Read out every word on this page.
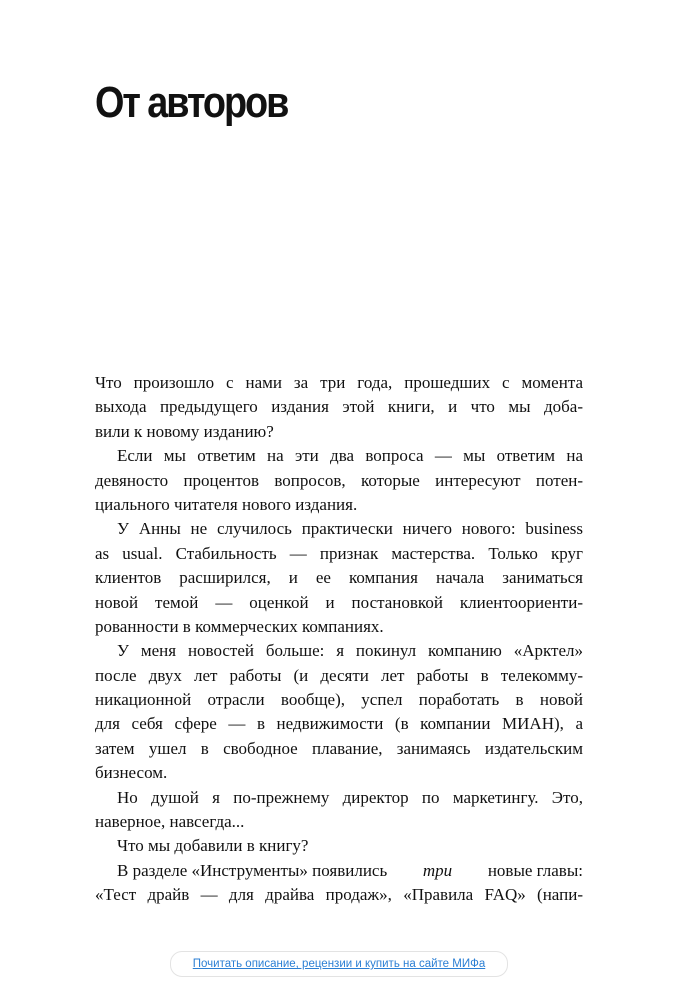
От авторов
Что произошло с нами за три года, прошедших с момента
выхода предыдущего издания этой книги, и что мы доба-
вили к новому изданию?
Если мы ответим на эти два вопроса — мы ответим на
девяносто процентов вопросов, которые интересуют потен-
циального читателя нового издания.
У Анны не случилось практически ничего нового: business
as usual. Стабильность — признак мастерства. Только круг
клиентов расширился, и ее компания начала заниматься
новой темой — оценкой и постановкой клиентоориенти-
рованности в коммерческих компаниях.
У меня новостей больше: я покинул компанию «Арктел»
после двух лет работы (и десяти лет работы в телекомму-
никационной отрасли вообще), успел поработать в новой
для себя сфере — в недвижимости (в компании МИАН), а
затем ушел в свободное плавание, занимаясь издательским
бизнесом.
Но душой я по-прежнему директор по маркетингу. Это,
наверное, навсегда...
Что мы добавили в книгу?
В разделе «Инструменты» появились три новые главы:
«Тест драйв — для драйва продаж», «Правила FAQ» (напи-
Почитать описание, рецензии и купить на сайте МИФа
